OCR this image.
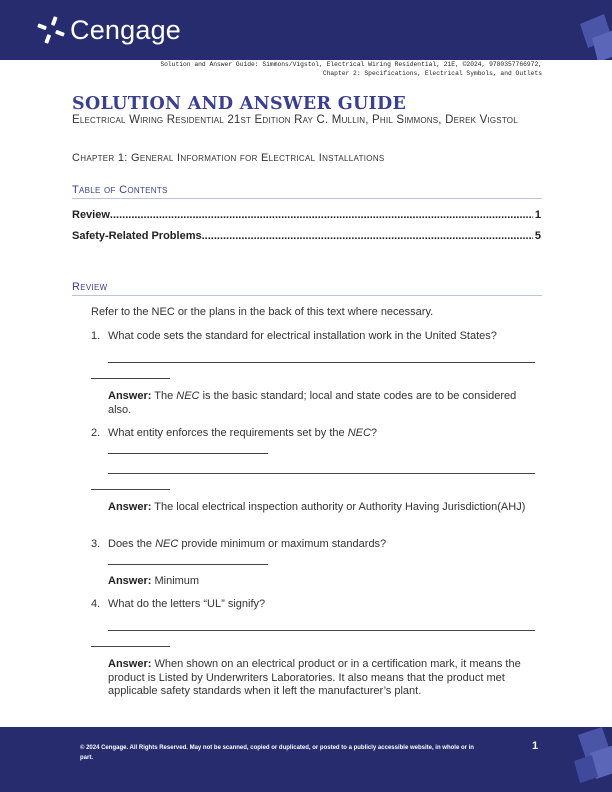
Cengage
Solution and Answer Guide: Simmons/Vigstol, Electrical Wiring Residential, 21E, ©2024, 9780357766972,
Chapter 2: Specifications, Electrical Symbols, and Outlets
SOLUTION AND ANSWER GUIDE
Electrical Wiring Residential 21st Edition Ray C. Mullin, Phil Simmons, Derek Vigstol
Chapter 1: General Information for Electrical Installations
Table of Contents
Review .....	1
Safety-Related Problems .....	5
Review
Refer to the NEC or the plans in the back of this text where necessary.
1. What code sets the standard for electrical installation work in the United States?
Answer: The NEC is the basic standard; local and state codes are to be considered also.
2. What entity enforces the requirements set by the NEC?
Answer: The local electrical inspection authority or Authority Having Jurisdiction(AHJ)
3. Does the NEC provide minimum or maximum standards?
Answer: Minimum
4. What do the letters “UL” signify?
Answer: When shown on an electrical product or in a certification mark, it means the product is Listed by Underwriters Laboratories. It also means that the product met applicable safety standards when it left the manufacturer’s plant.
© 2024 Cengage. All Rights Reserved. May not be scanned, copied or duplicated, or posted to a publicly accessible website, in whole or in part.
1
